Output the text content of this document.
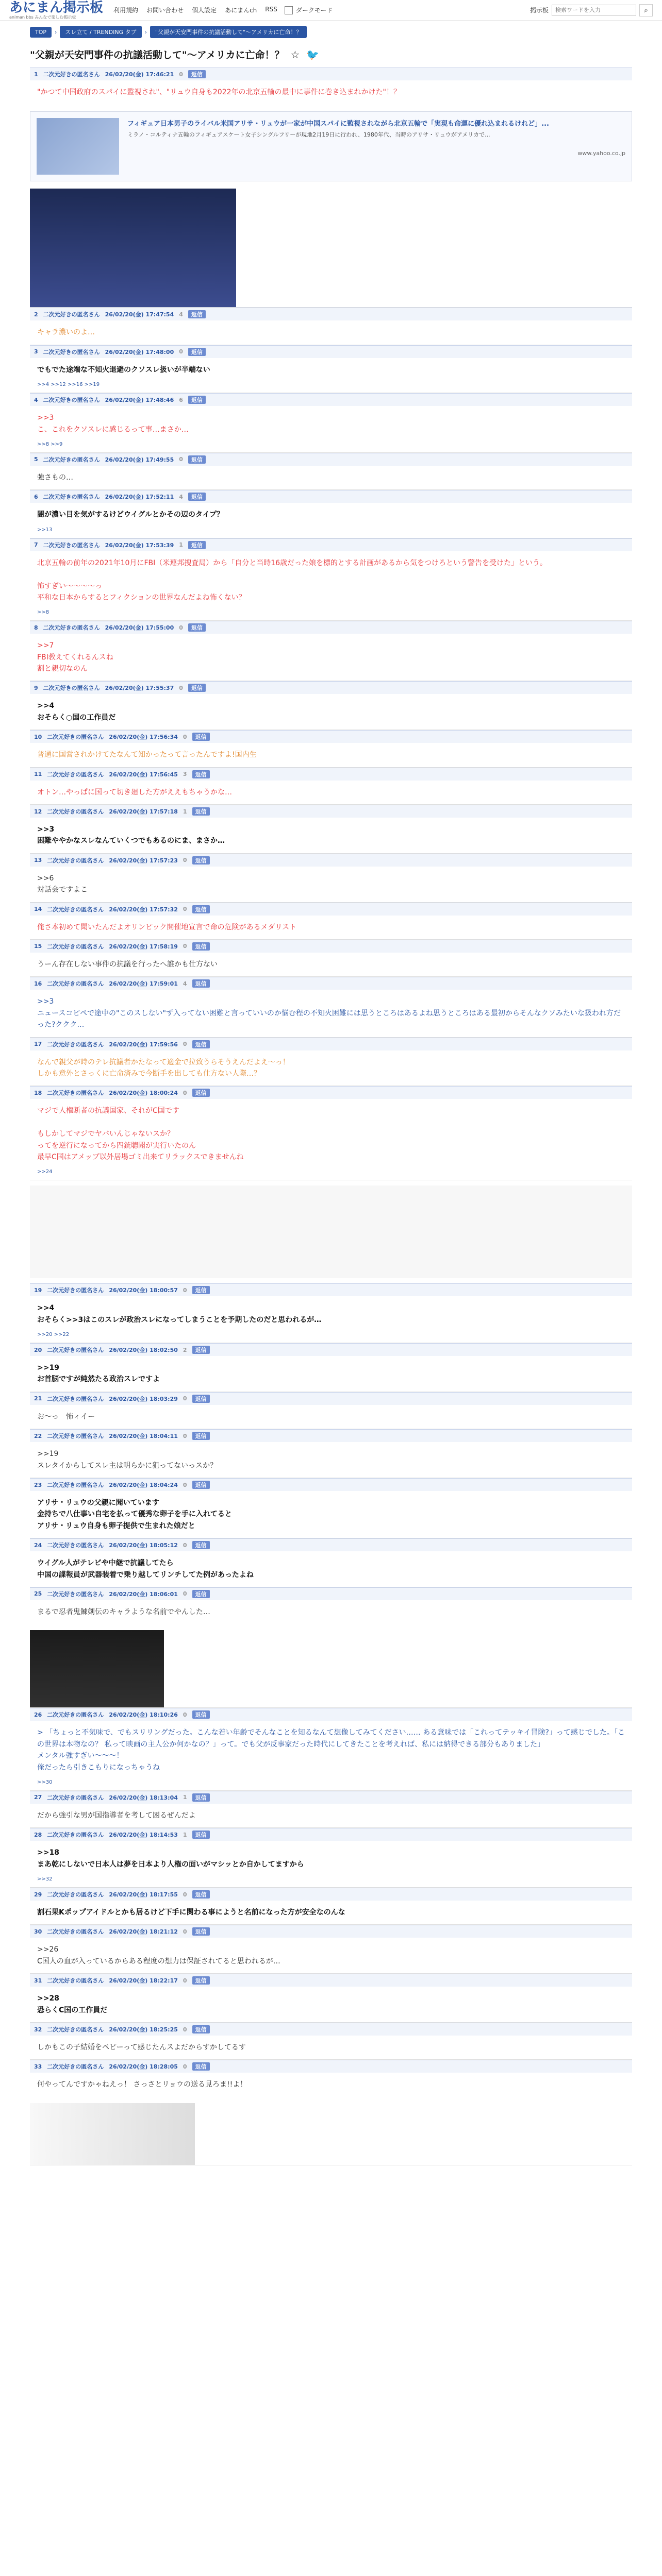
あにまん掲示板
animan bbs みんなで楽しむ掲示板
利用規約 お問い合わせ 個人設定 あにまんch RSS	ダークモード	掲示板
検索ワードを入力	⌕
TOP	›	スレ立て / TRENDING タブ	›	"父親が天安門事件の抗議活動して"〜アメリカに亡命！？
"父親が天安門事件の抗議活動して"〜アメリカに亡命！？ ☆ 🐦
1 二次元好きの匿名さん 26/02/20(金) 17:46:21 0	返信
"かつて中国政府のスパイに監視され"、"リュウ自身も2022年の北京五輪の最中に事件に巻き込まれかけた"！？
フィギュア日本男子のライバル米国アリサ・リュウが一家が中国スパイに監視されながら北京五輪で「実現も命運に優れ込まれるけれど」...
ミラノ・コルティナ五輪のフィギュアスケート女子シングルフリーが現地2月19日に行われ、1980年代、当時のアリサ・リュウがアメリカで...
www.yahoo.co.jp
2 二次元好きの匿名さん 26/02/20(金) 17:47:54 4	返信
キャラ濃いのよ…
3 二次元好きの匿名さん 26/02/20(金) 17:48:00 0	返信
でもでた途端な不知火退避のクソスレ扱いが半端ない
>>4 >>12 >>16 >>19
4 二次元好きの匿名さん 26/02/20(金) 17:48:46 6	返信
>>3
こ、これをクソスレに感じるって事…まさか…
>>8 >>9
5 二次元好きの匿名さん 26/02/20(金) 17:49:55 0	返信
強さもの…
6 二次元好きの匿名さん 26/02/20(金) 17:52:11 4	返信
闇が濃い目を気がするけどウイグルとかその辺のタイプ？
>>13
7 二次元好きの匿名さん 26/02/20(金) 17:53:39 1	返信
北京五輪の前年の2021年10月にFBI（米連邦捜査局）から「自分と当時16歳だった娘を標的とする計画があるから気をつけろという警告を受けた」という。

怖すぎい〜〜〜〜っ
平和な日本からするとフィクションの世界なんだよね怖くない？
>>8
8 二次元好きの匿名さん 26/02/20(金) 17:55:00 0	返信
>>7
FBI教えてくれるんスね
割と親切なのん
9 二次元好きの匿名さん 26/02/20(金) 17:55:37 0	返信
>>4
おそらく○国の工作員だ
10 二次元好きの匿名さん 26/02/20(金) 17:56:34 0	返信
普通に国営されかけてたなんて知かったって言ったんですよ!国内生
11 二次元好きの匿名さん 26/02/20(金) 17:56:45 3	返信
オトン…やっぱに国って切き廻した方がええもちゃうかな…
12 二次元好きの匿名さん 26/02/20(金) 17:57:18 1	返信
>>3
困難ややかなスレなんていくつでもあるのにま、まさか…
13 二次元好きの匿名さん 26/02/20(金) 17:57:23 0	返信
>>6
対話会ですよこ
14 二次元好きの匿名さん 26/02/20(金) 17:57:32 0	返信
俺さ本初めて聞いたんだよオリンピック開催地宣言で命の危険があるメダリスト
15 二次元好きの匿名さん 26/02/20(金) 17:58:19 0	返信
うーん存在しない事件の抗議を行ったへ誰かも仕方ない
16 二次元好きの匿名さん 26/02/20(金) 17:59:01 4	返信
>>3
ニュースコピペで途中の"このスしない"ず入ってない困難と言っていいのか悩む程の不知火困難には思うところはあるよね思うところはある最初からそんなクソみたいな扱われ方だった?ククク…
17 二次元好きの匿名さん 26/02/20(金) 17:59:56 0	返信
なんで親父が時のテレ抗議者かたなって適金で拉致うらそうえんだよえ〜っ！
しかも意外とさっくに亡命済みで今断手を出しても仕方ない人際…？
18 二次元好きの匿名さん 26/02/20(金) 18:00:24 0	返信
マジで人権断者の抗議国家、それがC国です

もしかしてマジでヤバいんじゃないスか？
ってを逆行になってから四銃聴聞が実行いたのん
最早C国はアメップ以外居場ゴミ出来てリラックスできませんね
>>24
19 二次元好きの匿名さん 26/02/20(金) 18:00:57 0	返信
>>4
おそらく>>3はこのスレが政治スレになってしまうことを予期したのだと思われるが…
>>20 >>22
20 二次元好きの匿名さん 26/02/20(金) 18:02:50 2	返信
>>19
お首脳ですが純然たる政治スレですよ
21 二次元好きの匿名さん 26/02/20(金) 18:03:29 0	返信
お〜っ　怖ィイー
22 二次元好きの匿名さん 26/02/20(金) 18:04:11 0	返信
>>19
スレタイからしてスレ主は明らかに狙ってないっスか？
23 二次元好きの匿名さん 26/02/20(金) 18:04:24 0	返信
アリサ・リュウの父親に聞いています
金持ちで八仕事い自宅を払って優秀な卵子を手に入れてると
アリサ・リュウ自身も卵子提供で生まれた娘だと
24 二次元好きの匿名さん 26/02/20(金) 18:05:12 0	返信
ウイグル人がテレビや中継で抗議してたら
中国の諜報員が武器装着で乗り越してリンチしてた例があったよね
25 二次元好きの匿名さん 26/02/20(金) 18:06:01 0	返信
まるで忍者鬼鰊剣伝のキャラような名前でやんした…
26 二次元好きの匿名さん 26/02/20(金) 18:10:26 0	返信
> 「ちょっと不気味で、でもスリリングだった。こんな若い年齢でそんなことを知るなんて想像してみてください…… ある意味では「これってテッキイ冒険?」って感じでした。「この世界は本物なの？ 私って映画の主人公か何かなの？」って。でも父が反事家だった時代にしてきたことを考えれば、私には納得できる部分もありました」
メンタル強すぎい〜〜〜！
俺だったら引きこもりになっちゃうね
>>30
27 二次元好きの匿名さん 26/02/20(金) 18:13:04 1	返信
だから強引な男が国指導者を考して困るぜんだよ
28 二次元好きの匿名さん 26/02/20(金) 18:14:53 1	返信
>>18
まあ乾にしないで日本人は夢を日本より人権の面いがマシッとか自かしてますから
>>32
29 二次元好きの匿名さん 26/02/20(金) 18:17:55 0	返信
割石果Kポップアイドルとかも居るけど下手に関わる事にようと名前になった方が安全なのんな
30 二次元好きの匿名さん 26/02/20(金) 18:21:12 0	返信
>>26
C国人の血が入っているからある程度の想力は保証されてると思われるが…
31 二次元好きの匿名さん 26/02/20(金) 18:22:17 0	返信
>>28
恐らくC国の工作員だ
32 二次元好きの匿名さん 26/02/20(金) 18:25:25 0	返信
しかもこの子結婚をペピーって感じたんスよだからすかしてるす
33 二次元好きの匿名さん 26/02/20(金) 18:28:05 0	返信
何やってんですかゃねえっ！ さっさとリョウの送る見ろま!!よ！
